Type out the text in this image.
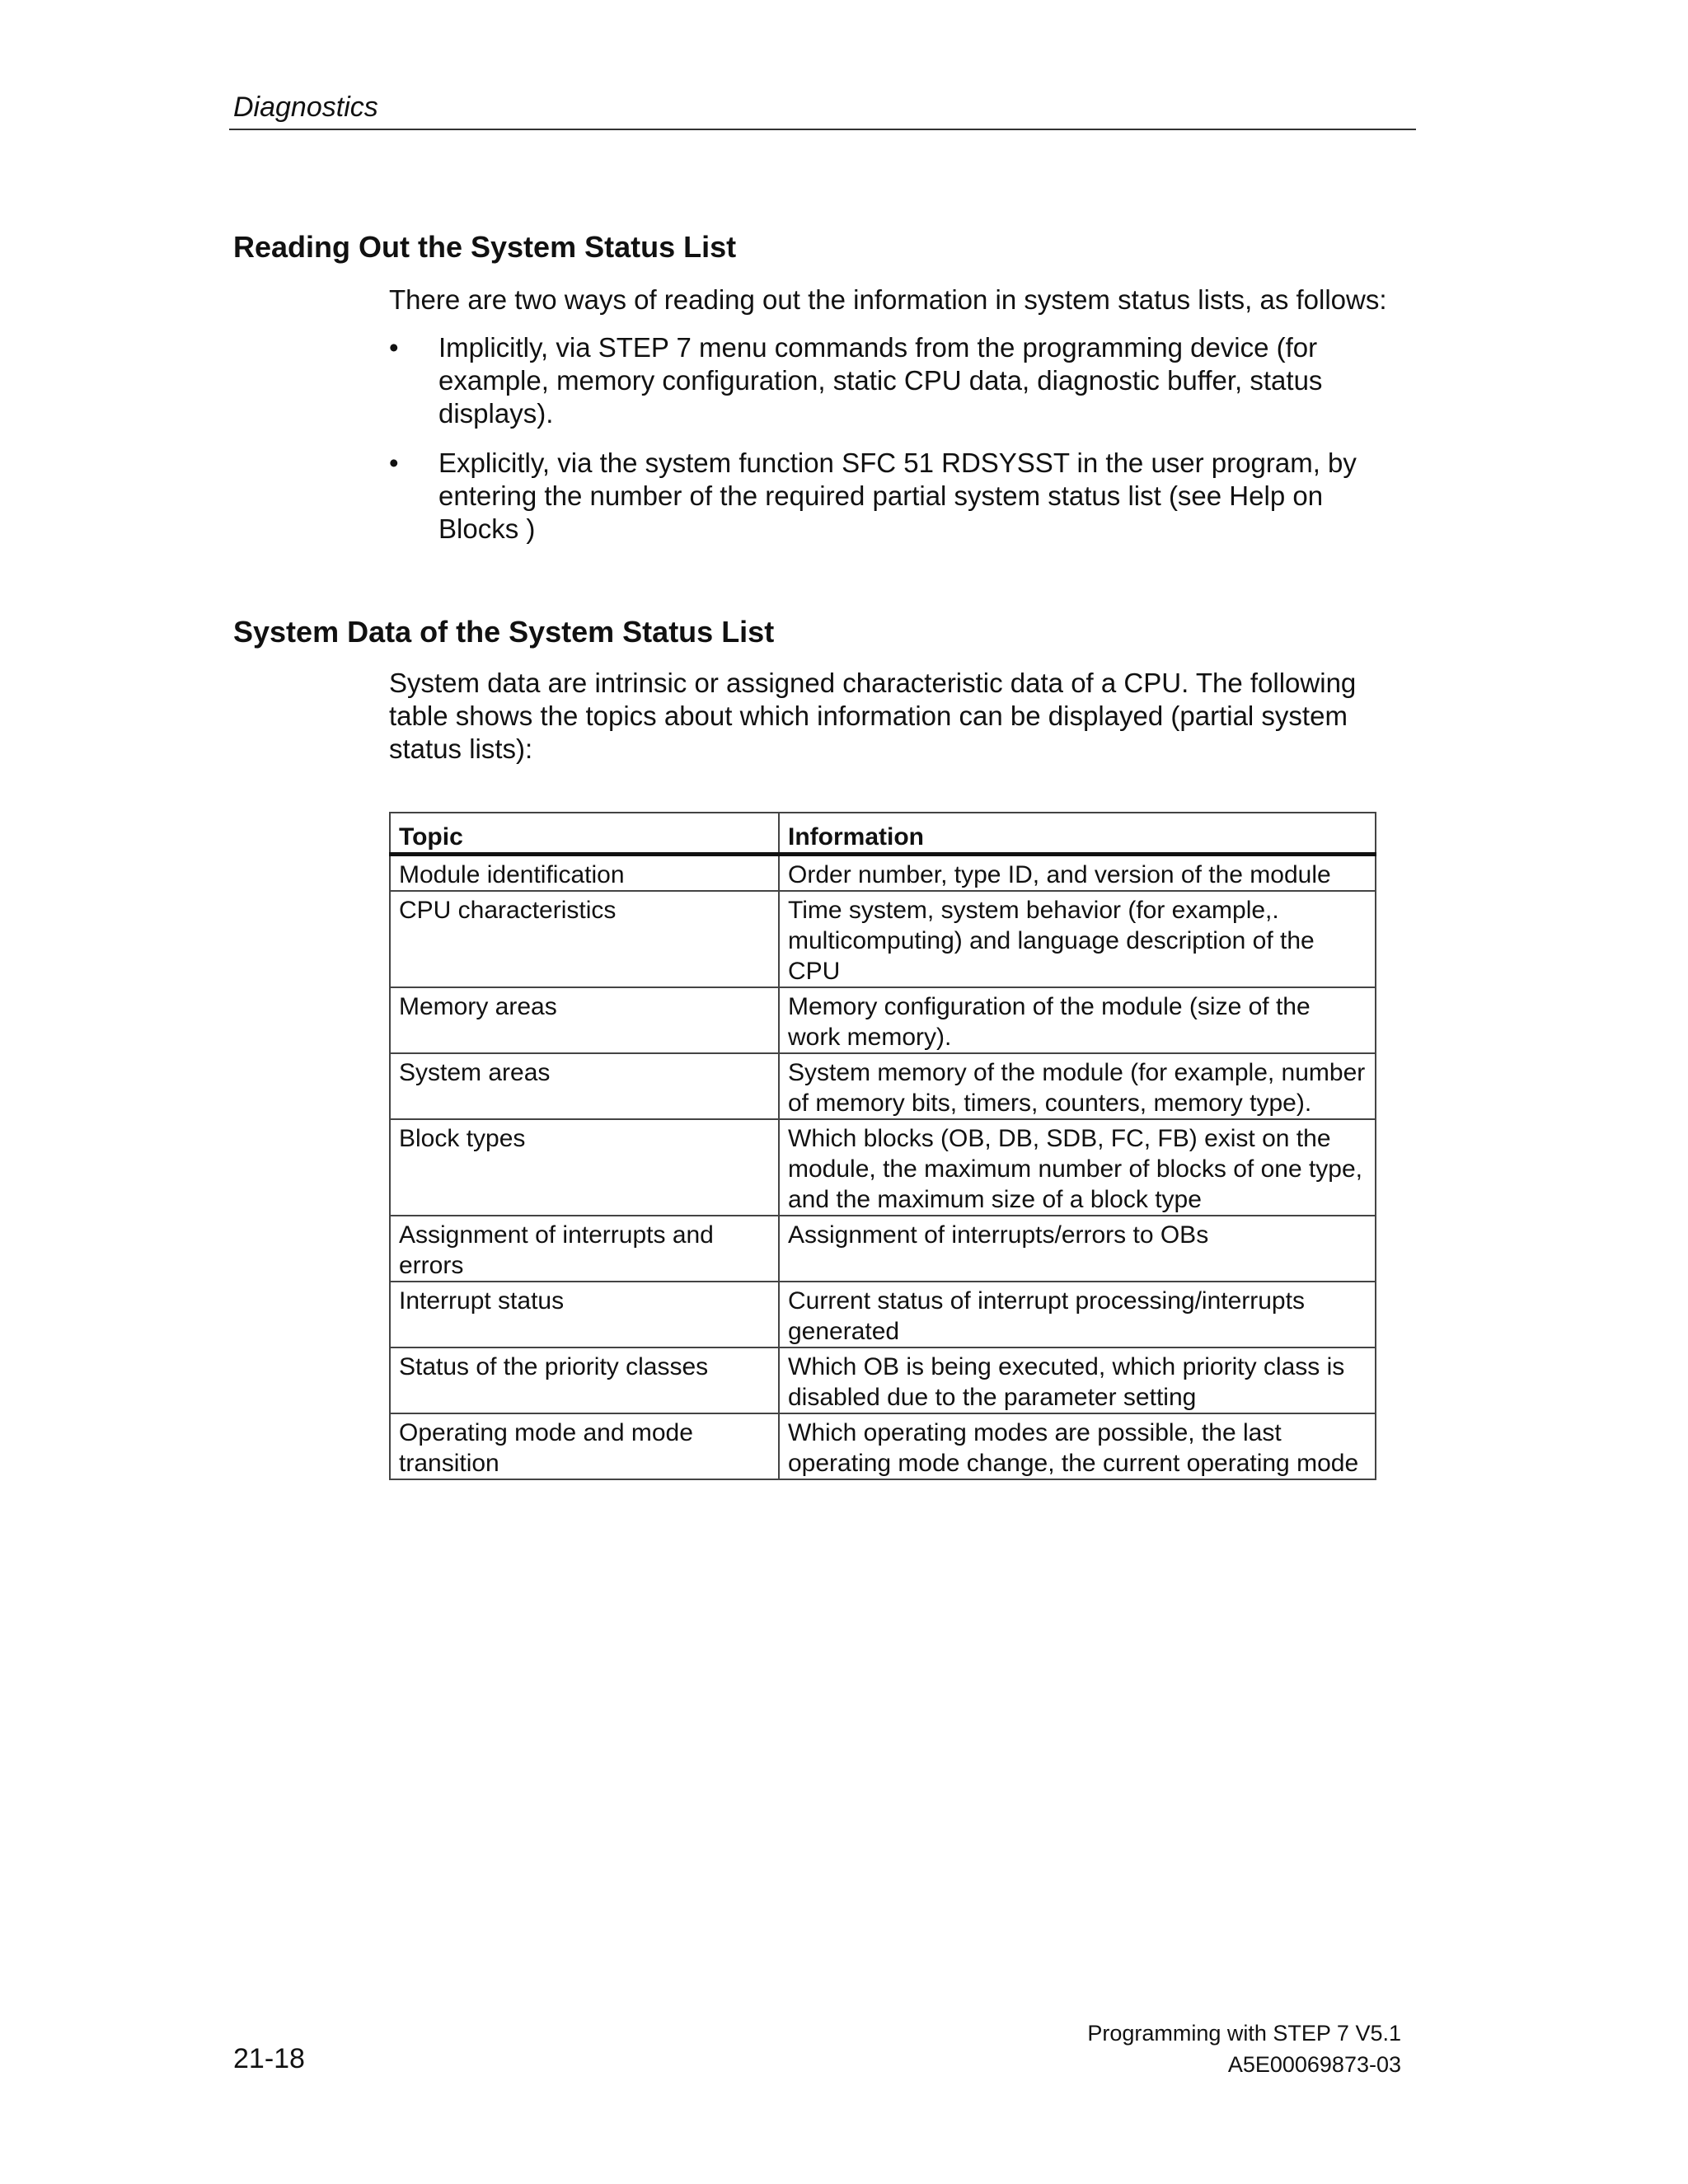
Diagnostics
Reading Out the System Status List

There are two ways of reading out the information in system status lists, as follows:

•	Implicitly, via STEP 7 menu commands from the programming device (for example, memory configuration, static CPU data, diagnostic buffer, status displays).
•	Explicitly, via the system function SFC 51 RDSYSST in the user program, by entering the number of the required partial system status list (see Help on Blocks )
System Data of the System Status List

System data are intrinsic or assigned characteristic data of a CPU. The following table shows the topics about which information can be displayed (partial system status lists):

Topic	Information
Module identification	Order number, type ID, and version of the module
CPU characteristics	Time system, system behavior (for example,. multicomputing) and language description of the CPU
Memory areas	Memory configuration of the module (size of the work memory).
System areas	System memory of the module (for example, number of memory bits, timers, counters, memory type).
Block types	Which blocks (OB, DB, SDB, FC, FB) exist on the module, the maximum number of blocks of one type, and the maximum size of a block type
Assignment of interrupts and errors	Assignment of interrupts/errors to OBs
Interrupt status	Current status of interrupt processing/interrupts generated
Status of the priority classes	Which OB is being executed, which priority class is disabled due to the parameter setting
Operating mode and mode transition	Which operating modes are possible, the last operating mode change, the current operating mode
21-18
Programming with STEP 7 V5.1
A5E00069873-03
